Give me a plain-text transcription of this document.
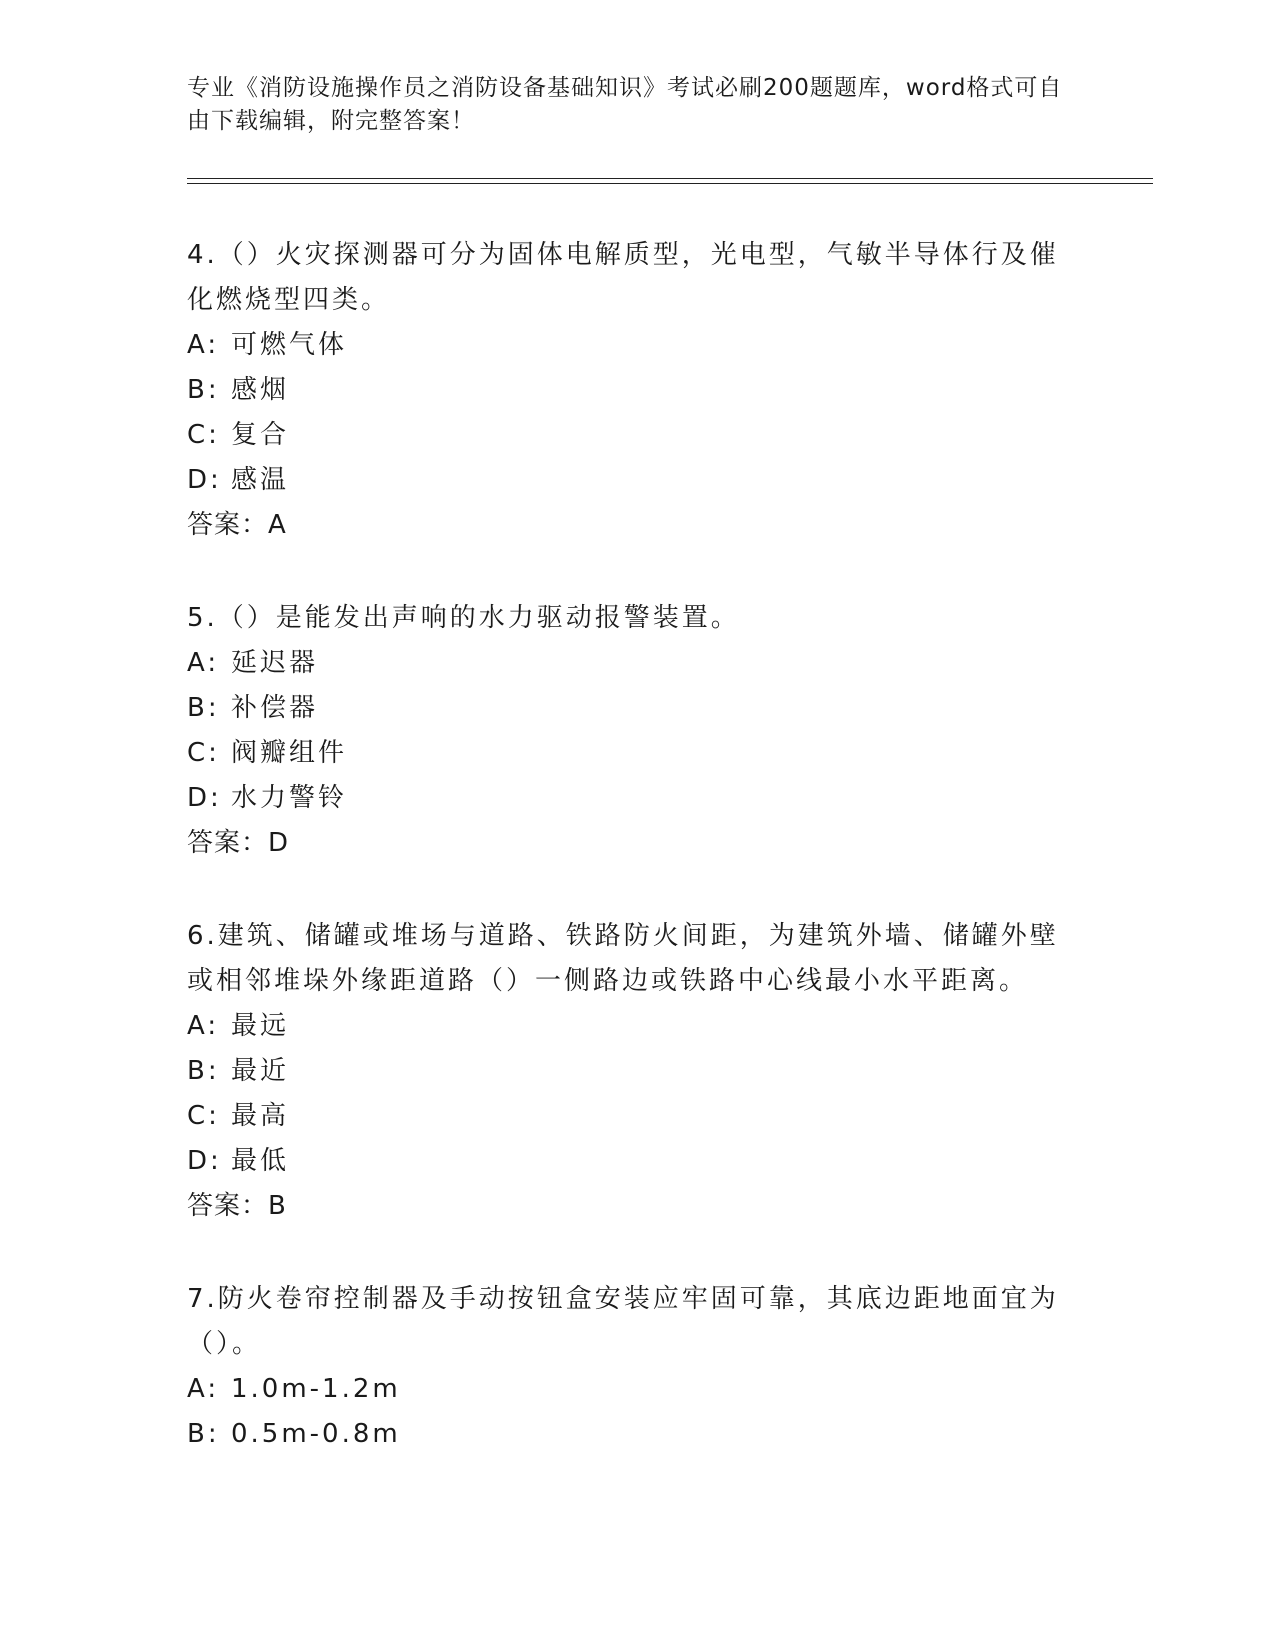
专业《消防设施操作员之消防设备基础知识》考试必刷200题题库，word格式可自由下载编辑，附完整答案！

4.（）火灾探测器可分为固体电解质型，光电型，气敏半导体行及催化燃烧型四类。

A: 可燃气体

B: 感烟

C: 复合

D: 感温

答案：A

5.（）是能发出声响的水力驱动报警装置。

A: 延迟器

B: 补偿器

C: 阀瓣组件

D: 水力警铃

答案：D

6.建筑、储罐或堆场与道路、铁路防火间距，为建筑外墙、储罐外壁或相邻堆垛外缘距道路（）一侧路边或铁路中心线最小水平距离。

A: 最远

B: 最近

C: 最高

D: 最低

答案：B

7.防火卷帘控制器及手动按钮盒安装应牢固可靠，其底边距地面宜为（）。

A: 1.0m-1.2m

B: 0.5m-0.8m
